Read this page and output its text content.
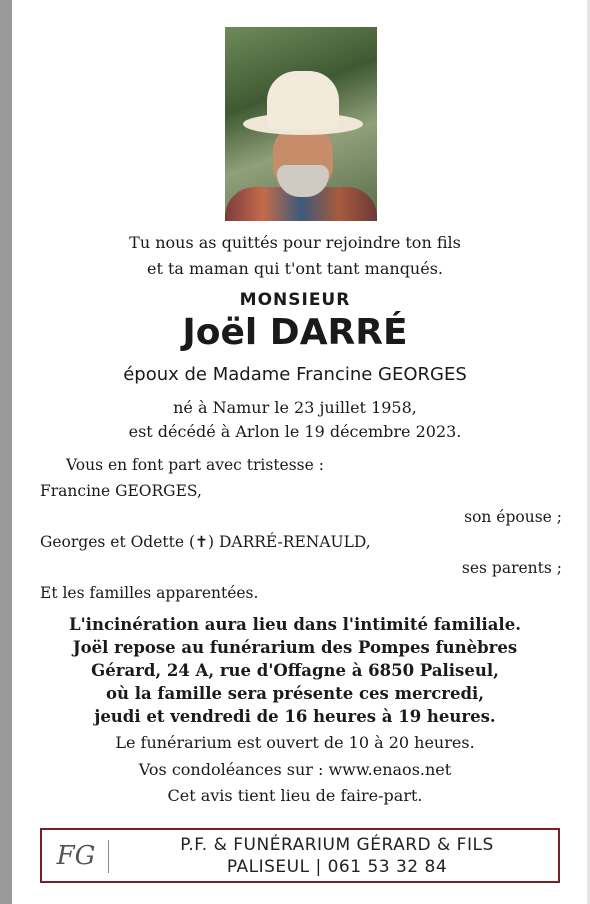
Tu nous as quittés pour rejoindre ton fils
et ta maman qui t'ont tant manqués.
MONSIEUR
Joël DARRÉ
époux de Madame Francine GEORGES
né à Namur le 23 juillet 1958,
est décédé à Arlon le 19 décembre 2023.
Vous en font part avec tristesse :
Francine GEORGES,
son épouse ;
Georges et Odette (✝) DARRÉ-RENAULD,
ses parents ;
Et les familles apparentées.
L'incinération aura lieu dans l'intimité familiale.
Joël repose au funérarium des Pompes funèbres
Gérard, 24 A, rue d'Offagne à 6850 Paliseul,
où la famille sera présente ces mercredi,
jeudi et vendredi de 16 heures à 19 heures.
Le funérarium est ouvert de 10 à 20 heures.
Vos condoléances sur : www.enaos.net
Cet avis tient lieu de faire-part.
FG	P.F. & FUNÉRARIUM GÉRARD & FILS
PALISEUL | 061 53 32 84
